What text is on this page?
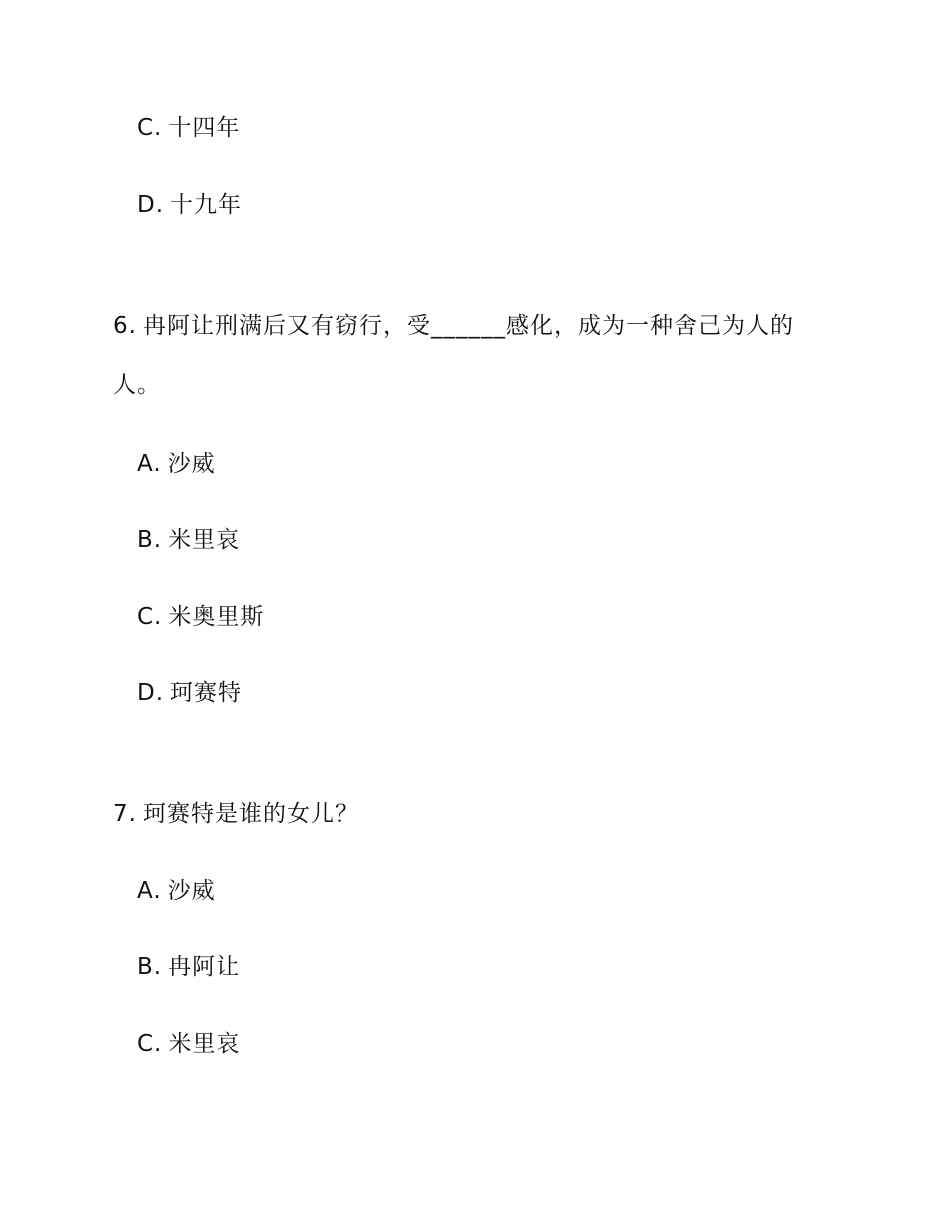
C. 十四年
D. 十九年
6. 冉阿让刑满后又有窃行，受______感化，成为一种舍己为人的
人。
A. 沙威
B. 米里哀
C. 米奥里斯
D. 珂赛特
7. 珂赛特是谁的女儿？
A. 沙威
B. 冉阿让
C. 米里哀
